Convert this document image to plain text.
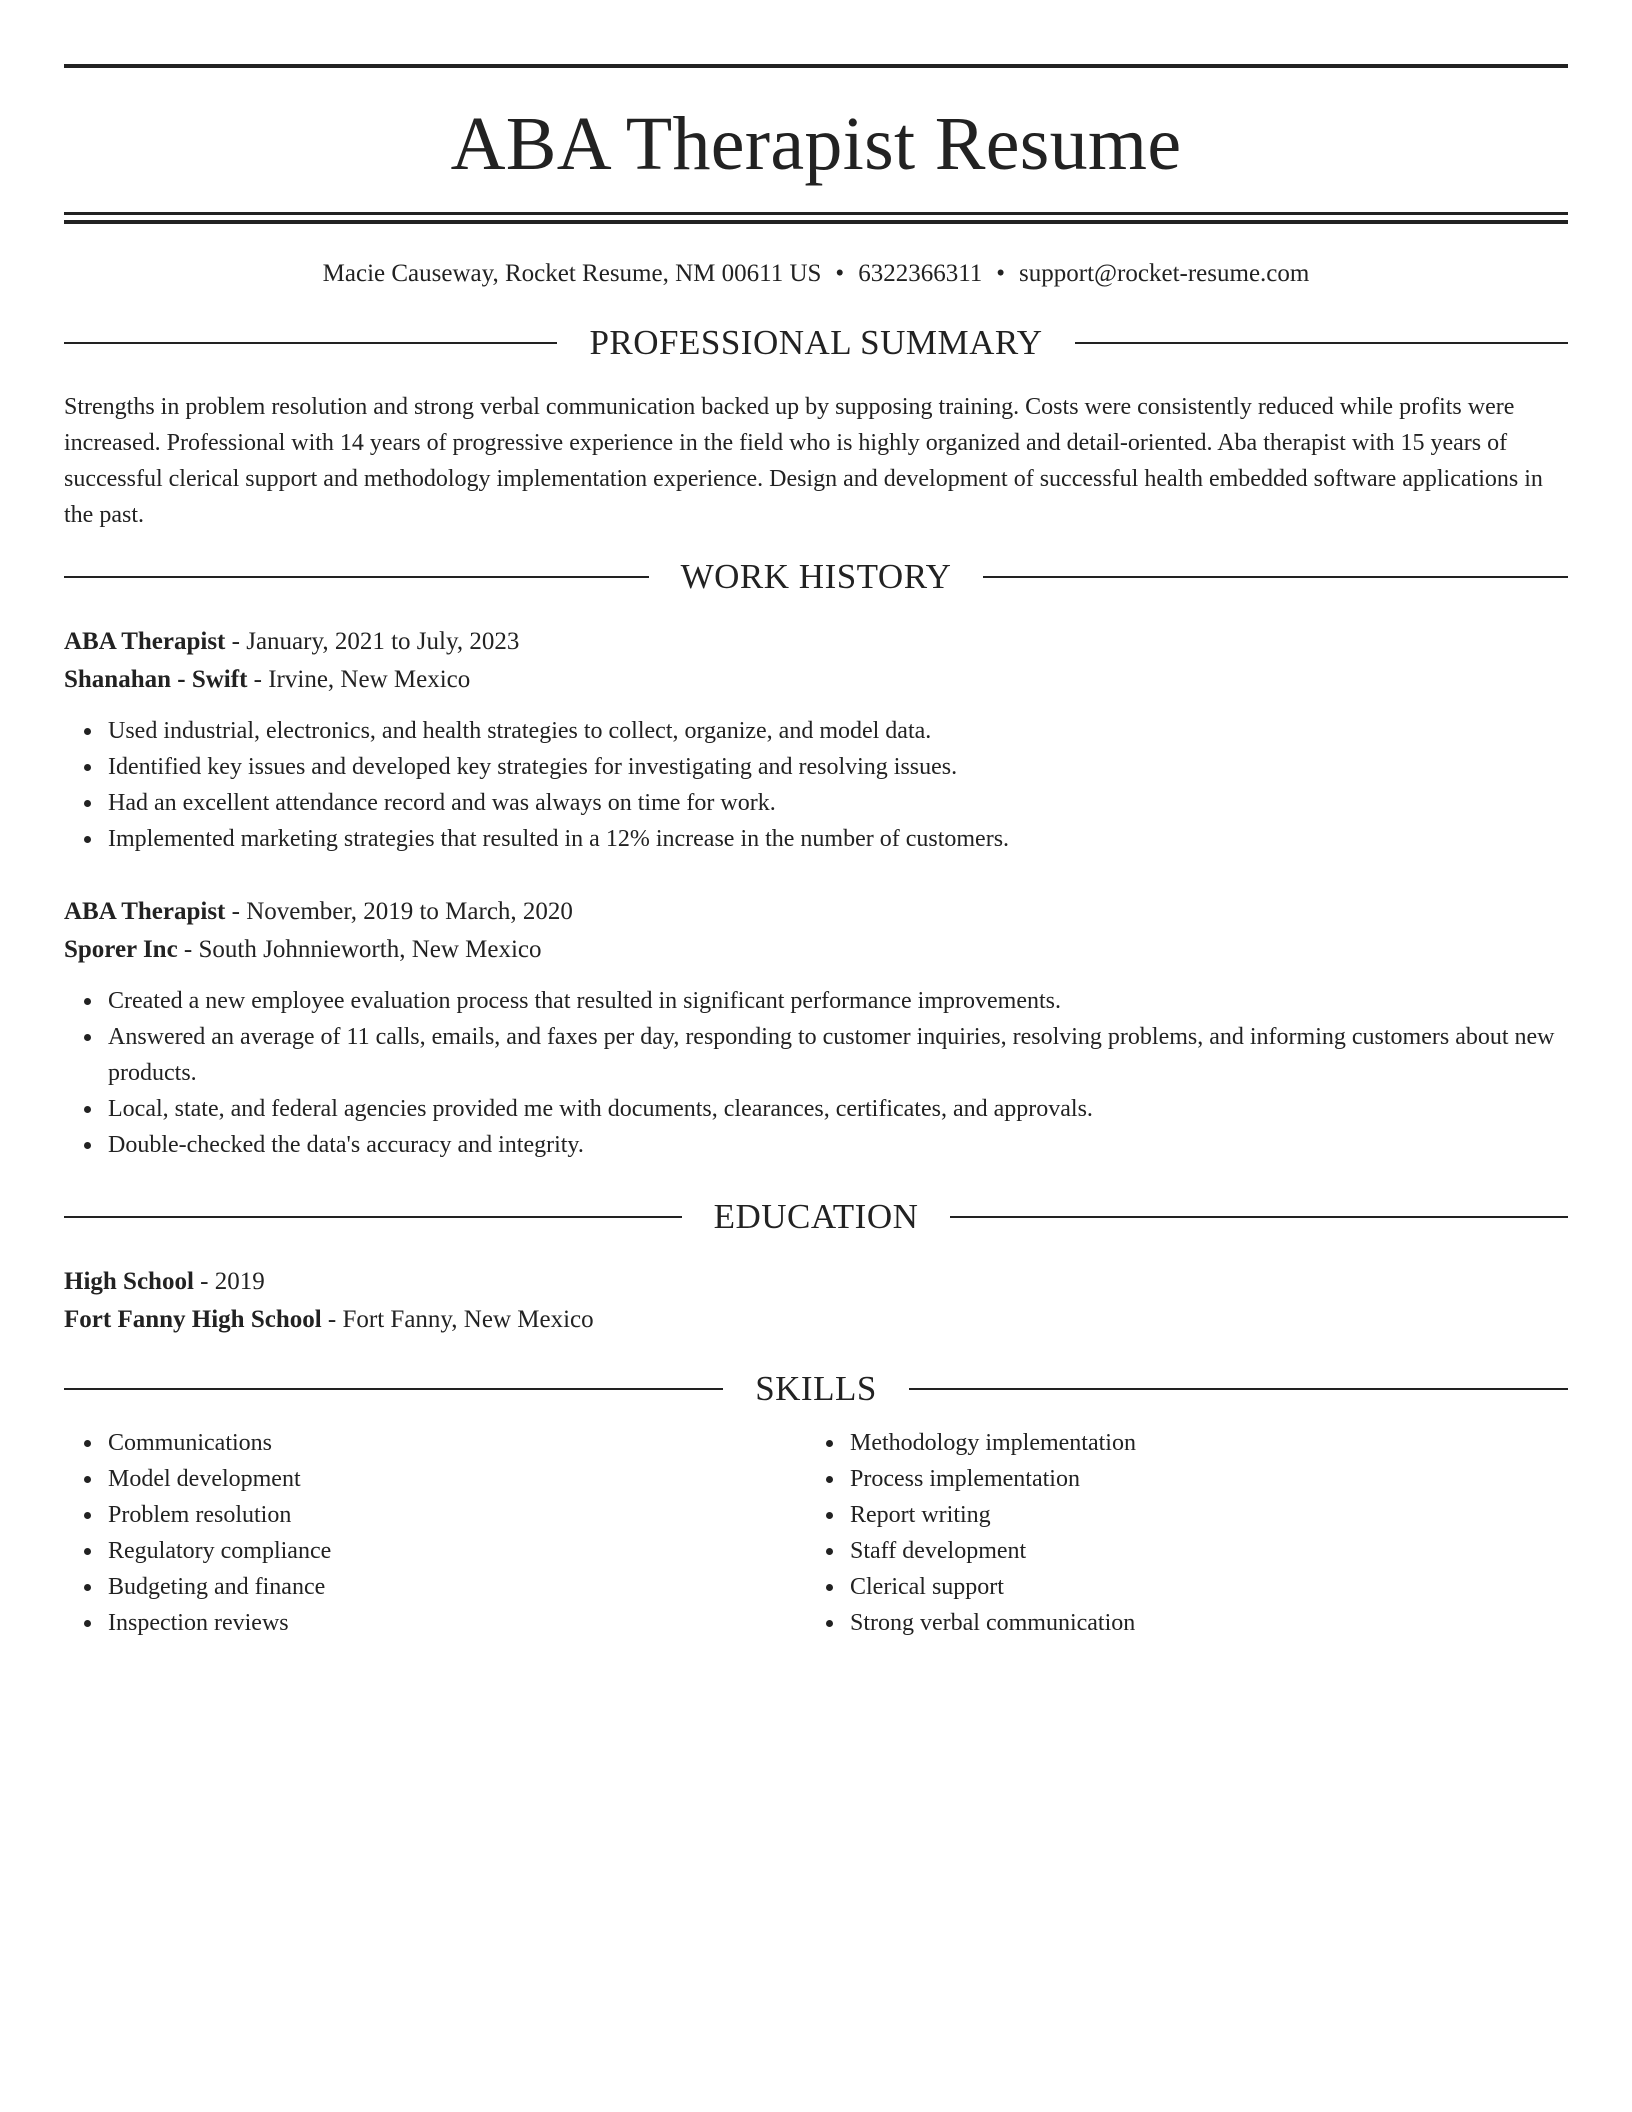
ABA Therapist Resume
Macie Causeway, Rocket Resume, NM 00611 US • 6322366311 • support@rocket-resume.com
PROFESSIONAL SUMMARY
Strengths in problem resolution and strong verbal communication backed up by supposing training. Costs were consistently reduced while profits were increased. Professional with 14 years of progressive experience in the field who is highly organized and detail-oriented. Aba therapist with 15 years of successful clerical support and methodology implementation experience. Design and development of successful health embedded software applications in the past.
WORK HISTORY
ABA Therapist - January, 2021 to July, 2023
Shanahan - Swift - Irvine, New Mexico
Used industrial, electronics, and health strategies to collect, organize, and model data.
Identified key issues and developed key strategies for investigating and resolving issues.
Had an excellent attendance record and was always on time for work.
Implemented marketing strategies that resulted in a 12% increase in the number of customers.
ABA Therapist - November, 2019 to March, 2020
Sporer Inc - South Johnnieworth, New Mexico
Created a new employee evaluation process that resulted in significant performance improvements.
Answered an average of 11 calls, emails, and faxes per day, responding to customer inquiries, resolving problems, and informing customers about new products.
Local, state, and federal agencies provided me with documents, clearances, certificates, and approvals.
Double-checked the data's accuracy and integrity.
EDUCATION
High School - 2019
Fort Fanny High School - Fort Fanny, New Mexico
SKILLS
Communications
Model development
Problem resolution
Regulatory compliance
Budgeting and finance
Inspection reviews
Methodology implementation
Process implementation
Report writing
Staff development
Clerical support
Strong verbal communication
